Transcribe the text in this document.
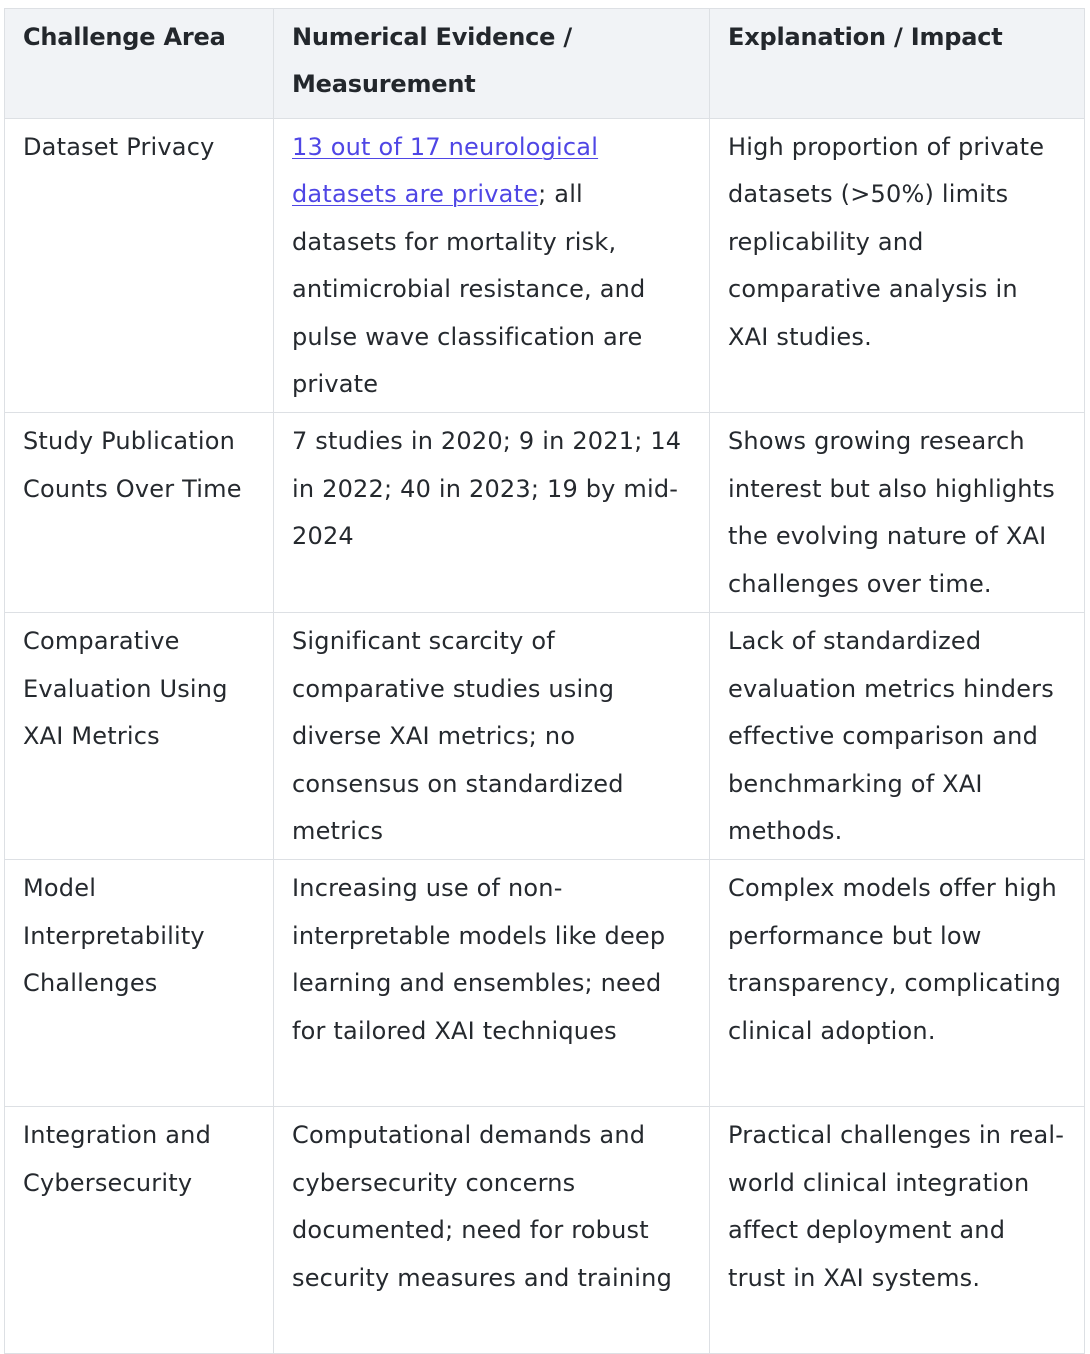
Challenge Area	Numerical Evidence / Measurement	Explanation / Impact
Dataset Privacy	13 out of 17 neurological datasets are private; all datasets for mortality risk, antimicrobial resistance, and pulse wave classification are private	High proportion of private datasets (>50%) limits replicability and comparative analysis in XAI studies.
Study Publication Counts Over Time	7 studies in 2020; 9 in 2021; 14 in 2022; 40 in 2023; 19 by mid-2024	Shows growing research interest but also highlights the evolving nature of XAI challenges over time.
Comparative Evaluation Using XAI Metrics	Significant scarcity of comparative studies using diverse XAI metrics; no consensus on standardized metrics	Lack of standardized evaluation metrics hinders effective comparison and benchmarking of XAI methods.
Model Interpretability Challenges	Increasing use of non-interpretable models like deep learning and ensembles; need for tailored XAI techniques	Complex models offer high performance but low transparency, complicating clinical adoption.
Integration and Cybersecurity	Computational demands and cybersecurity concerns documented; need for robust security measures and training	Practical challenges in real-world clinical integration affect deployment and trust in XAI systems.
